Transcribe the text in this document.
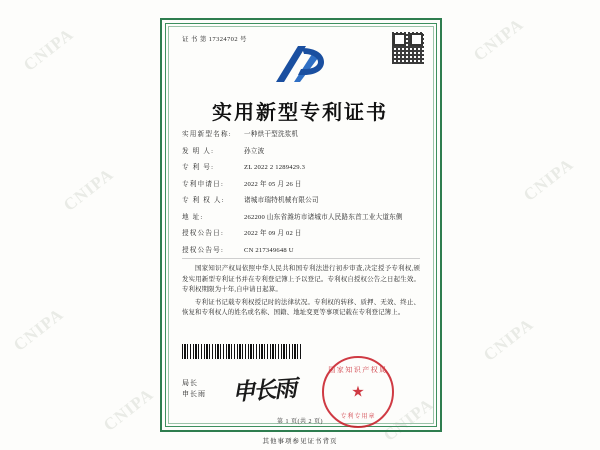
CNIPA
CNIPA
CNIPA
CNIPA
CNIPA
CNIPA
CNIPA	CNIPA
证 书 第 17324702 号
实用新型专利证书
实用新型名称:	一种烘干型洗浆机
发 明 人:	孙立波
专 利 号:	ZL 2022 2 1289429.3
专利申请日:	2022 年 05 月 26 日
专 利 权 人:	诸城市瑞特机械有限公司
地 址:	262200 山东省潍坊市诸城市人民路东首工业大道东侧
授权公告日:	2022 年 09 月 02 日
授权公告号:	CN 217349648 U

国家知识产权局依照中华人民共和国专利法进行初步审查,决定授予专利权,颁发实用新型专利证书并在专利登记簿上予以登记。专利权自授权公告之日起生效。专利权期限为十年,自申请日起算。

专利证书记载专利权授记时的法律状况。专利权的转移、质押、无效、终止、恢复和专利权人的姓名或名称、国籍、地址变更等事项记载在专利登记簿上。

局长
申长雨 申长雨
国家知识产权局
★
专利专用章
第 1 页(共 2 页)
其他事项参见证书背页
